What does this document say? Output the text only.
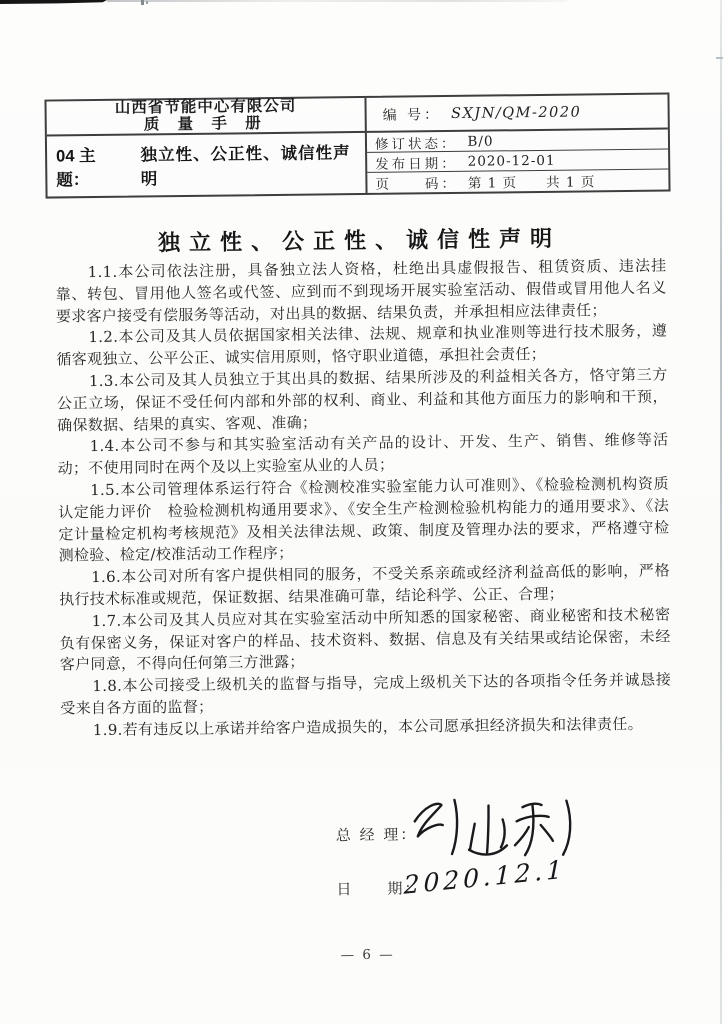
山西省节能中心有限公司
质 量 手 册	编 号： SXJN/QM-2020
04 主题：
独立性、公正性、诚信性声明
修订状态： B/0
发布日期： 2020-12-01
页　　码： 第 1 页　　共 1 页
独立性、公正性、诚信性声明

1.1.本公司依法注册，具备独立法人资格，杜绝出具虚假报告、租赁资质、违法挂靠、转包、冒用他人签名或代签、应到而不到现场开展实验室活动、假借或冒用他人名义要求客户接受有偿服务等活动，对出具的数据、结果负责，并承担相应法律责任；

1.2.本公司及其人员依据国家相关法律、法规、规章和执业准则等进行技术服务，遵循客观独立、公平公正、诚实信用原则，恪守职业道德，承担社会责任；

1.3.本公司及其人员独立于其出具的数据、结果所涉及的利益相关各方，恪守第三方公正立场，保证不受任何内部和外部的权利、商业、利益和其他方面压力的影响和干预，确保数据、结果的真实、客观、准确；

1.4.本公司不参与和其实验室活动有关产品的设计、开发、生产、销售、维修等活动；不使用同时在两个及以上实验室从业的人员；

1.5.本公司管理体系运行符合《检测校准实验室能力认可准则》、《检验检测机构资质认定能力评价　检验检测机构通用要求》、《安全生产检测检验机构能力的通用要求》、《法定计量检定机构考核规范》及相关法律法规、政策、制度及管理办法的要求，严格遵守检测检验、检定/校准活动工作程序；

1.6.本公司对所有客户提供相同的服务，不受关系亲疏或经济利益高低的影响，严格执行技术标准或规范，保证数据、结果准确可靠，结论科学、公正、合理；

1.7.本公司及其人员应对其在实验室活动中所知悉的国家秘密、商业秘密和技术秘密负有保密义务，保证对客户的样品、技术资料、数据、信息及有关结果或结论保密，未经客户同意，不得向任何第三方泄露；

1.8.本公司接受上级机关的监督与指导，完成上级机关下达的各项指令任务并诚恳接受来自各方面的监督；

1.9.若有违反以上承诺并给客户造成损失的，本公司愿承担经济损失和法律责任。

总 经 理：
日　　期：
2020.12.1
— 6 —
